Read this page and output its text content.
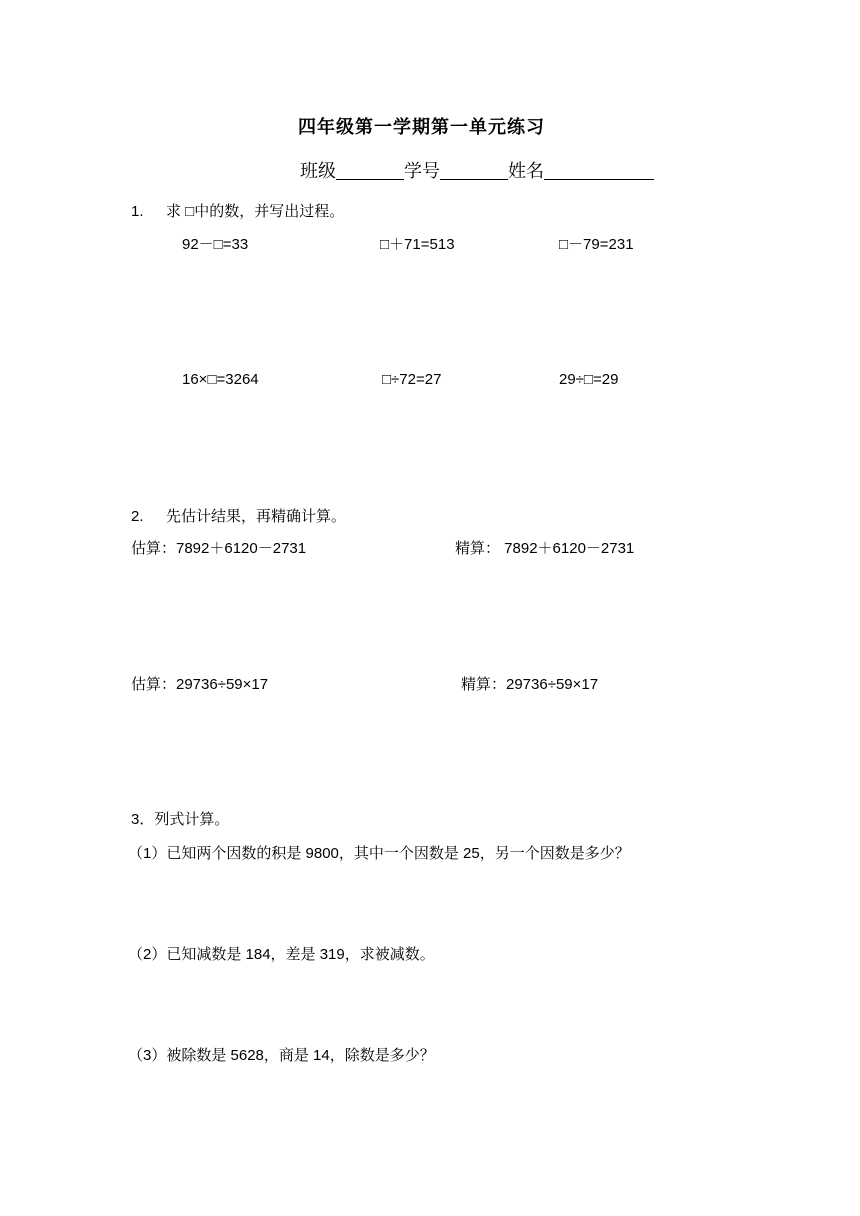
四年级第一学期第一单元练习
班级	学号	姓名
1. 求 □中的数，并写出过程。
92－□=33	□＋71=513	□－79=231
16×□=3264	□÷72=27	29÷□=29
2. 先估计结果，再精确计算。
估算：7892＋6120－2731	精算： 7892＋6120－2731
估算：29736÷59×17	精算：29736÷59×17
3．列式计算。
（1）已知两个因数的积是 9800，其中一个因数是 25，另一个因数是多少？
（2）已知减数是 184，差是 319，求被减数。
（3）被除数是 5628，商是 14，除数是多少？
